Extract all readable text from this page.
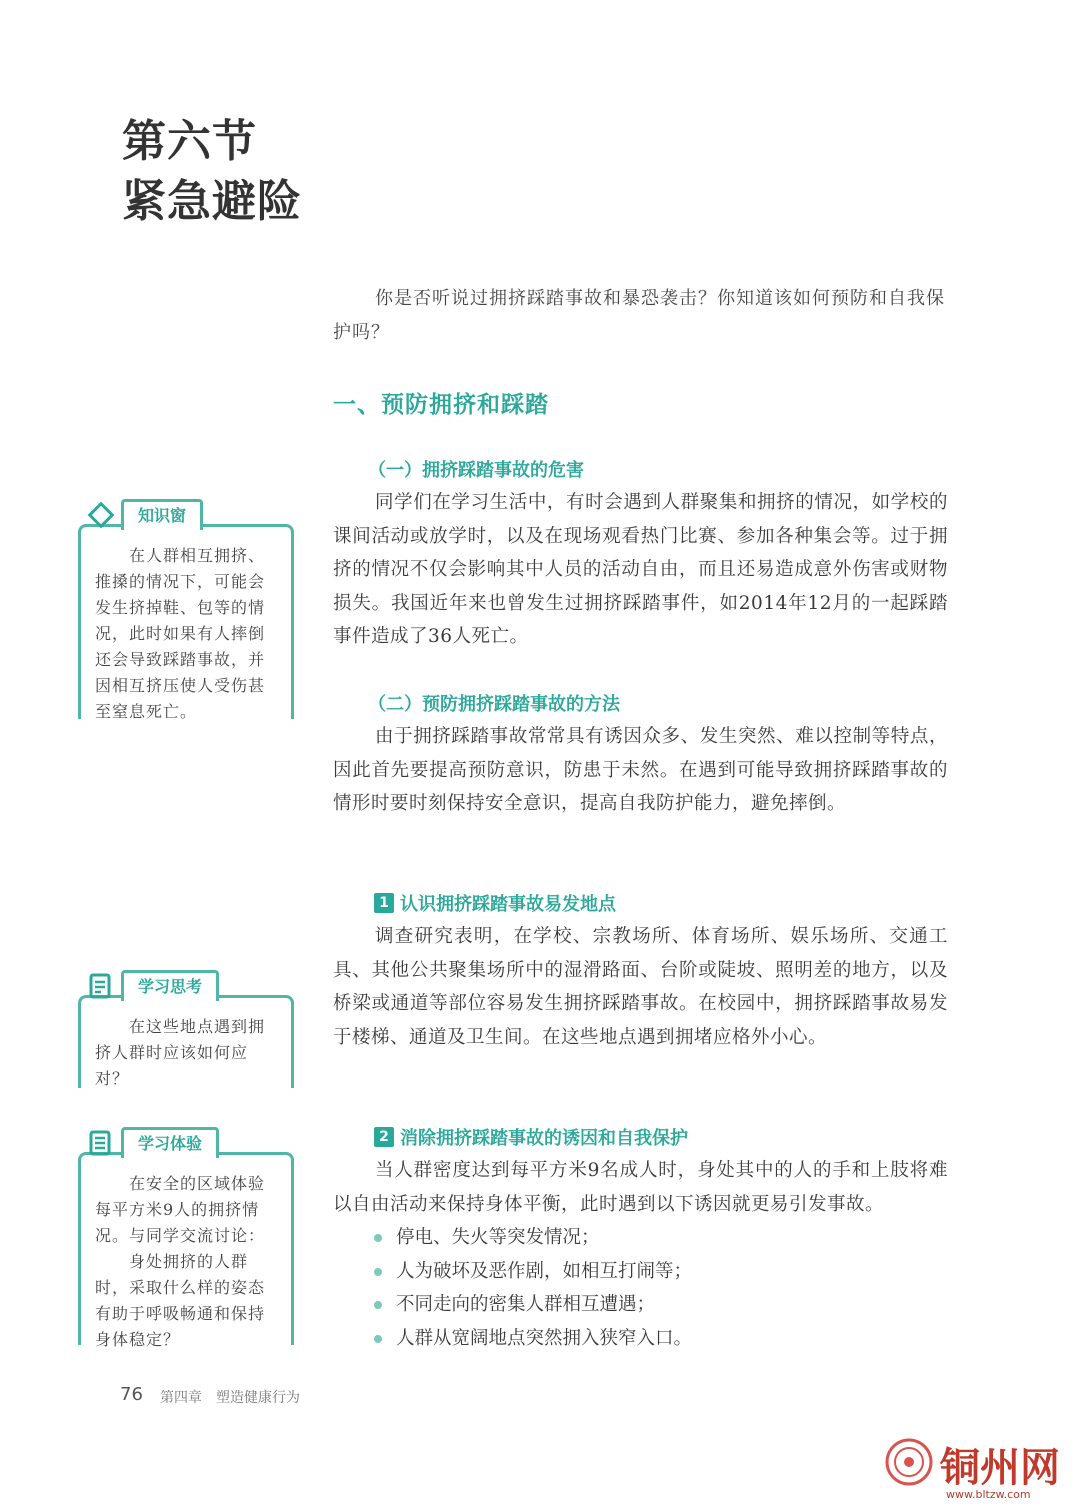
第六节
紧急避险
你是否听说过拥挤踩踏事故和暴恐袭击？你知道该如何预防和自我保护吗？
一、预防拥挤和踩踏
（一）拥挤踩踏事故的危害
同学们在学习生活中，有时会遇到人群聚集和拥挤的情况，如学校的课间活动或放学时，以及在现场观看热门比赛、参加各种集会等。过于拥挤的情况不仅会影响其中人员的活动自由，而且还易造成意外伤害或财物损失。我国近年来也曾发生过拥挤踩踏事件，如2014年12月的一起踩踏事件造成了36人死亡。
（二）预防拥挤踩踏事故的方法
由于拥挤踩踏事故常常具有诱因众多、发生突然、难以控制等特点，因此首先要提高预防意识，防患于未然。在遇到可能导致拥挤踩踏事故的情形时要时刻保持安全意识，提高自我防护能力，避免摔倒。
1 认识拥挤踩踏事故易发地点
调查研究表明，在学校、宗教场所、体育场所、娱乐场所、交通工具、其他公共聚集场所中的湿滑路面、台阶或陡坡、照明差的地方，以及桥梁或通道等部位容易发生拥挤踩踏事故。在校园中，拥挤踩踏事故易发于楼梯、通道及卫生间。在这些地点遇到拥堵应格外小心。
2 消除拥挤踩踏事故的诱因和自我保护
当人群密度达到每平方米9名成人时，身处其中的人的手和上肢将难以自由活动来保持身体平衡，此时遇到以下诱因就更易引发事故。
停电、失火等突发情况；
人为破坏及恶作剧，如相互打闹等；
不同走向的密集人群相互遭遇；
人群从宽阔地点突然拥入狭窄入口。
知识窗
在人群相互拥挤、推搡的情况下，可能会发生挤掉鞋、包等的情况，此时如果有人摔倒还会导致踩踏事故，并因相互挤压使人受伤甚至窒息死亡。
学习思考
在这些地点遇到拥挤人群时应该如何应对？
学习体验
在安全的区域体验每平方米9人的拥挤情况。与同学交流讨论：
身处拥挤的人群时，采取什么样的姿态有助于呼吸畅通和保持身体稳定？
76 第四章 塑造健康行为
铜州网
www.bltzw.com
